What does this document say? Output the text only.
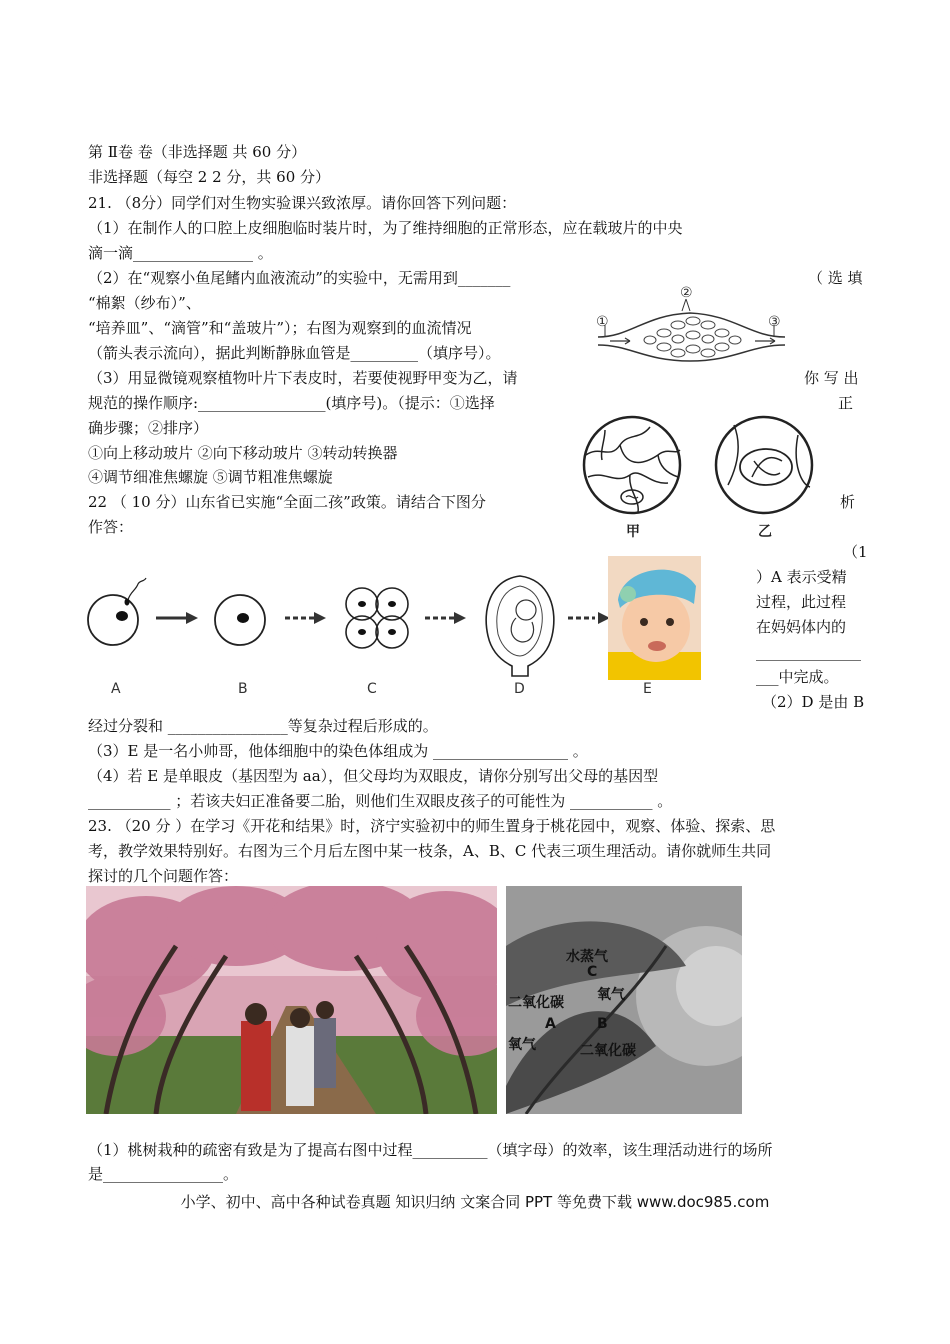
第 Ⅱ卷 卷（非选择题 共 60 分）
非选择题（每空 2 2 分，共 60 分）
21. （8分）同学们对生物实验课兴致浓厚。请你回答下列问题：
（1）在制作人的口腔上皮细胞临时装片时，为了维持细胞的正常形态，应在载玻片的中央
滴一滴________________ 。
（2）在“观察小鱼尾鳍内血液流动”的实验中，无需用到_______	（ 选 填
“棉絮（纱布）”、
“培养皿”、“滴管”和“盖玻片”）；右图为观察到的血流情况
（箭头表示流向），据此判断静脉血管是_________（填序号）。
（3）用显微镜观察植物叶片下表皮时，若要使视野甲变为乙，请	你 写 出
规范的操作顺序:_________________(填序号)。（提示：①选择	正
确步骤；②排序）
①向上移动玻片 ②向下移动玻片 ③转动转换器
④调节细准焦螺旋 ⑤调节粗准焦螺旋
①
②
③
甲	乙
22 （ 10 分）山东省已实施“全面二孩”政策。请结合下图分	析
作答：
（1
）A 表示受精
过程，此过程
在妈妈体内的
______________
___中完成。
（2）D 是由 B
A	B	C	D	E
经过分裂和 ________________等复杂过程后形成的。
（3）E 是一名小帅哥，他体细胞中的染色体组成为 __________________ 。
（4）若 E 是单眼皮（基因型为 aa），但父母均为双眼皮，请你分别写出父母的基因型
___________ ；若该夫妇正准备要二胎，则他们生双眼皮孩子的可能性为 ___________ 。
23. （20 分 ）在学习《开花和结果》时，济宁实验初中的师生置身于桃花园中，观察、体验、探索、思
考，教学效果特别好。右图为三个月后左图中某一枝条，A、B、C 代表三项生理活动。请你就师生共同
探讨的几个问题作答：
水蒸气
C
二氧化碳 氧气
A	B
氧气	二氧化碳
（1）桃树栽种的疏密有致是为了提高右图中过程__________（填字母）的效率，该生理活动进行的场所
是________________。
小学、初中、高中各种试卷真题 知识归纳 文案合同 PPT 等免费下载 www.doc985.com
